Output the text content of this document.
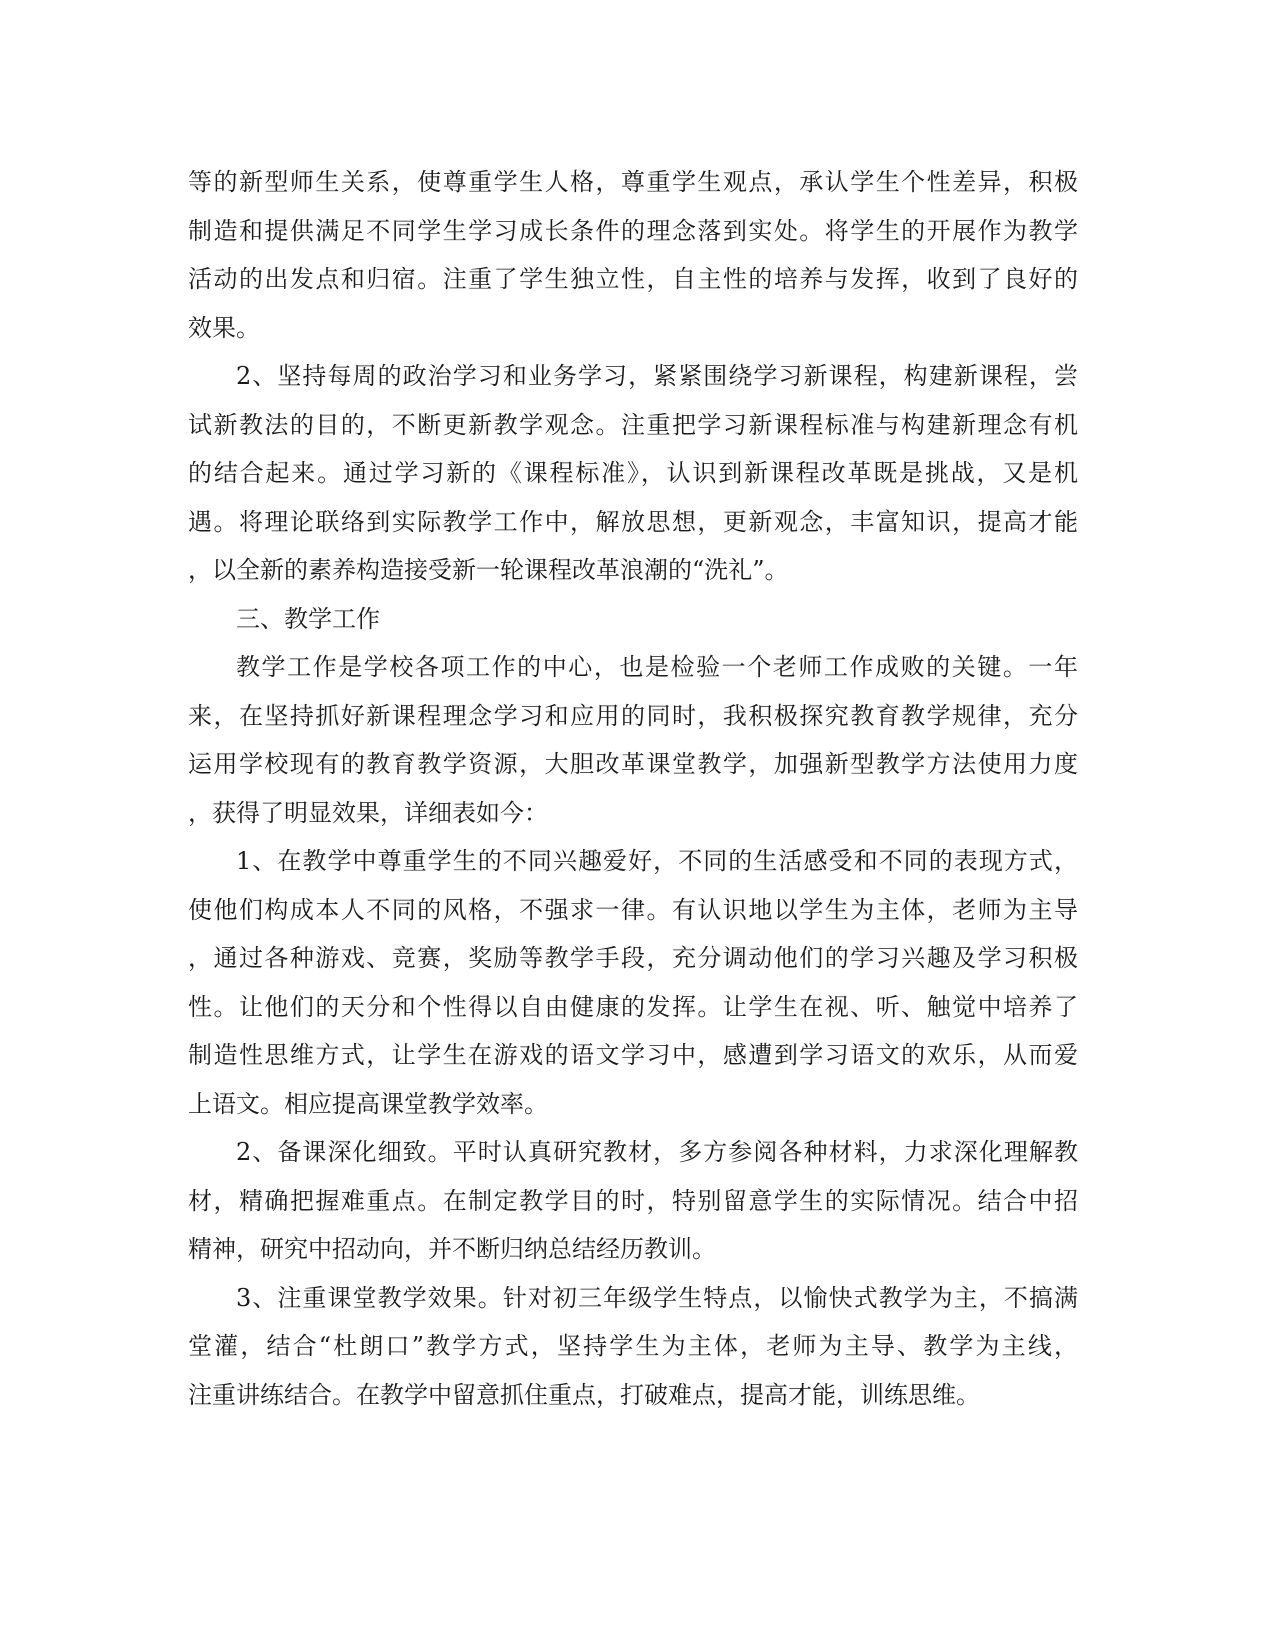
等的新型师生关系，使尊重学生人格，尊重学生观点，承认学生个性差异，积极
制造和提供满足不同学生学习成长条件的理念落到实处。将学生的开展作为教学
活动的出发点和归宿。注重了学生独立性，自主性的培养与发挥，收到了良好的
效果。
2、坚持每周的政治学习和业务学习，紧紧围绕学习新课程，构建新课程，尝
试新教法的目的，不断更新教学观念。注重把学习新课程标准与构建新理念有机
的结合起来。通过学习新的《课程标准》，认识到新课程改革既是挑战，又是机
遇。将理论联络到实际教学工作中，解放思想，更新观念，丰富知识，提高才能
，以全新的素养构造接受新一轮课程改革浪潮的“洗礼”。
三、教学工作
教学工作是学校各项工作的中心，也是检验一个老师工作成败的关键。一年
来，在坚持抓好新课程理念学习和应用的同时，我积极探究教育教学规律，充分
运用学校现有的教育教学资源，大胆改革课堂教学，加强新型教学方法使用力度
，获得了明显效果，详细表如今：
1、在教学中尊重学生的不同兴趣爱好，不同的生活感受和不同的表现方式，
使他们构成本人不同的风格，不强求一律。有认识地以学生为主体，老师为主导
，通过各种游戏、竞赛，奖励等教学手段，充分调动他们的学习兴趣及学习积极
性。让他们的天分和个性得以自由健康的发挥。让学生在视、听、触觉中培养了
制造性思维方式，让学生在游戏的语文学习中，感遭到学习语文的欢乐，从而爱
上语文。相应提高课堂教学效率。
2、备课深化细致。平时认真研究教材，多方参阅各种材料，力求深化理解教
材，精确把握难重点。在制定教学目的时，特别留意学生的实际情况。结合中招
精神，研究中招动向，并不断归纳总结经历教训。
3、注重课堂教学效果。针对初三年级学生特点，以愉快式教学为主，不搞满
堂灌，结合“杜朗口”教学方式，坚持学生为主体，老师为主导、教学为主线，
注重讲练结合。在教学中留意抓住重点，打破难点，提高才能，训练思维。
